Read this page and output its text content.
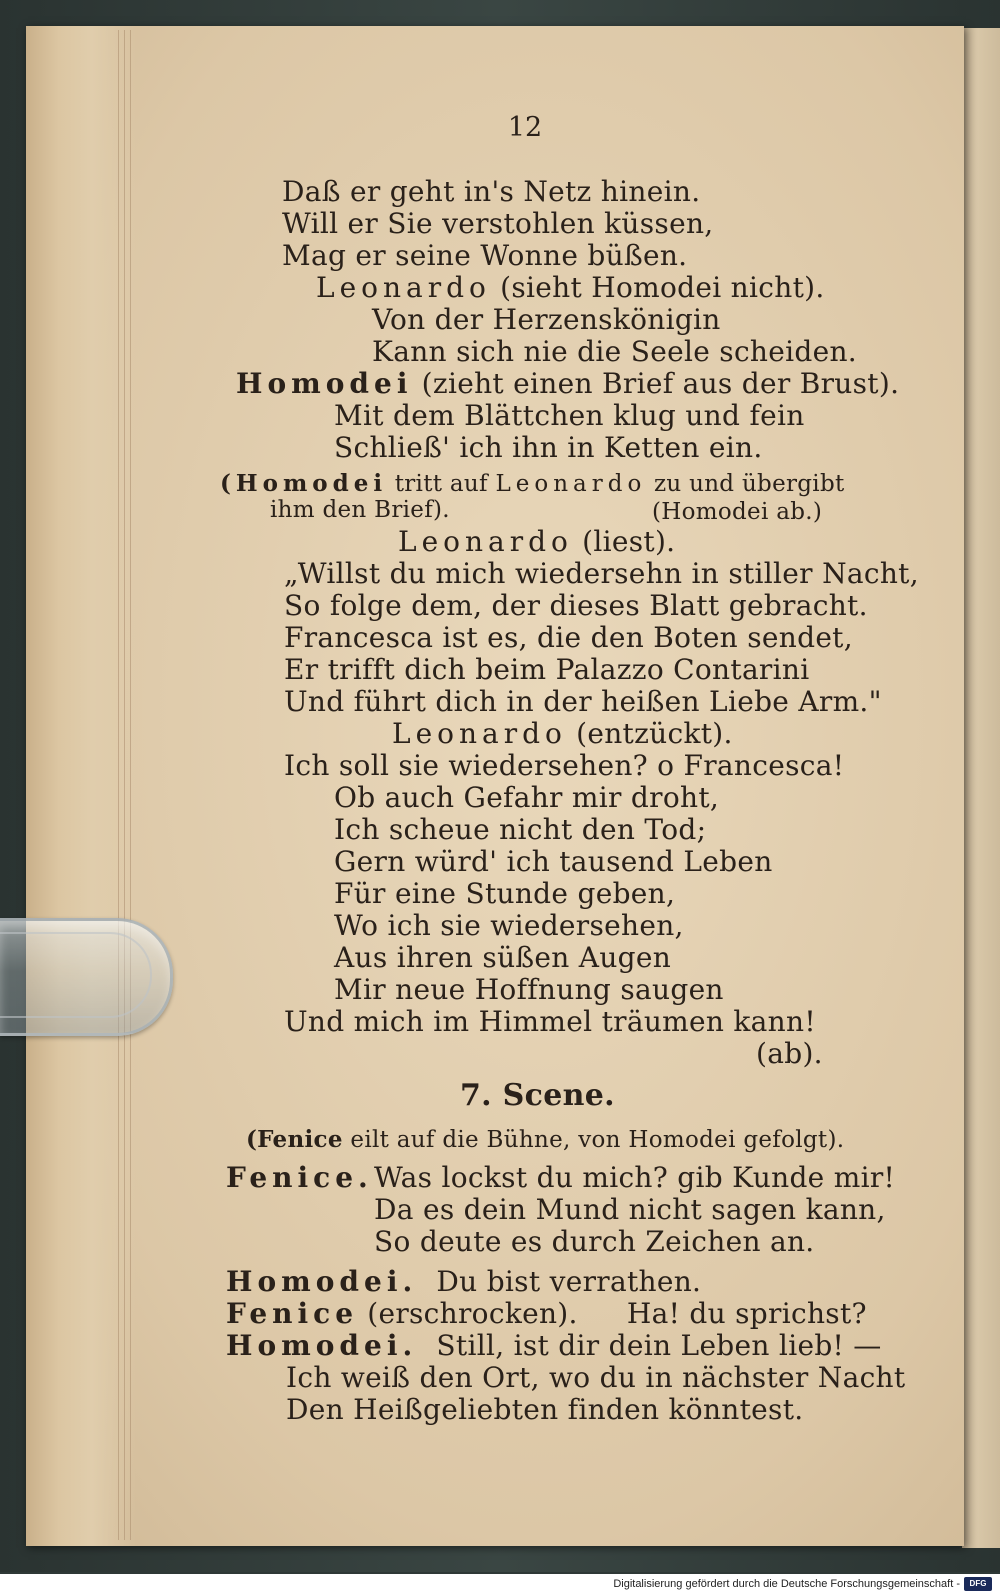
12
Daß er geht in's Netz hinein.
Will er Sie verstohlen küssen,
Mag er seine Wonne büßen.
Leonardo (sieht Homodei nicht).
Von der Herzenskönigin
Kann sich nie die Seele scheiden.
Homodei (zieht einen Brief aus der Brust).
Mit dem Blättchen klug und fein
Schließ' ich ihn in Ketten ein.
(Homodei tritt auf Leonardo zu und übergibt
ihm den Brief).	(Homodei ab.)
Leonardo (liest).
„Willst du mich wiedersehn in stiller Nacht,
So folge dem, der dieses Blatt gebracht.
Francesca ist es, die den Boten sendet,
Er trifft dich beim Palazzo Contarini
Und führt dich in der heißen Liebe Arm."
Leonardo (entzückt).
Ich soll sie wiedersehen? o Francesca!
Ob auch Gefahr mir droht,
Ich scheue nicht den Tod;
Gern würd' ich tausend Leben
Für eine Stunde geben,
Wo ich sie wiedersehen,
Aus ihren süßen Augen
Mir neue Hoffnung saugen
Und mich im Himmel träumen kann!
(ab).
7. Scene.
(Fenice eilt auf die Bühne, von Homodei gefolgt).
Fenice. Was lockst du mich? gib Kunde mir!
Da es dein Mund nicht sagen kann,
So deute es durch Zeichen an.
Homodei. Du bist verrathen.
Fenice (erschrocken). Ha! du sprichst?
Homodei. Still, ist dir dein Leben lieb! —
Ich weiß den Ort, wo du in nächster Nacht
Den Heißgeliebten finden könntest.
Digitalisierung gefördert durch die Deutsche Forschungsgemeinschaft -	DFG
